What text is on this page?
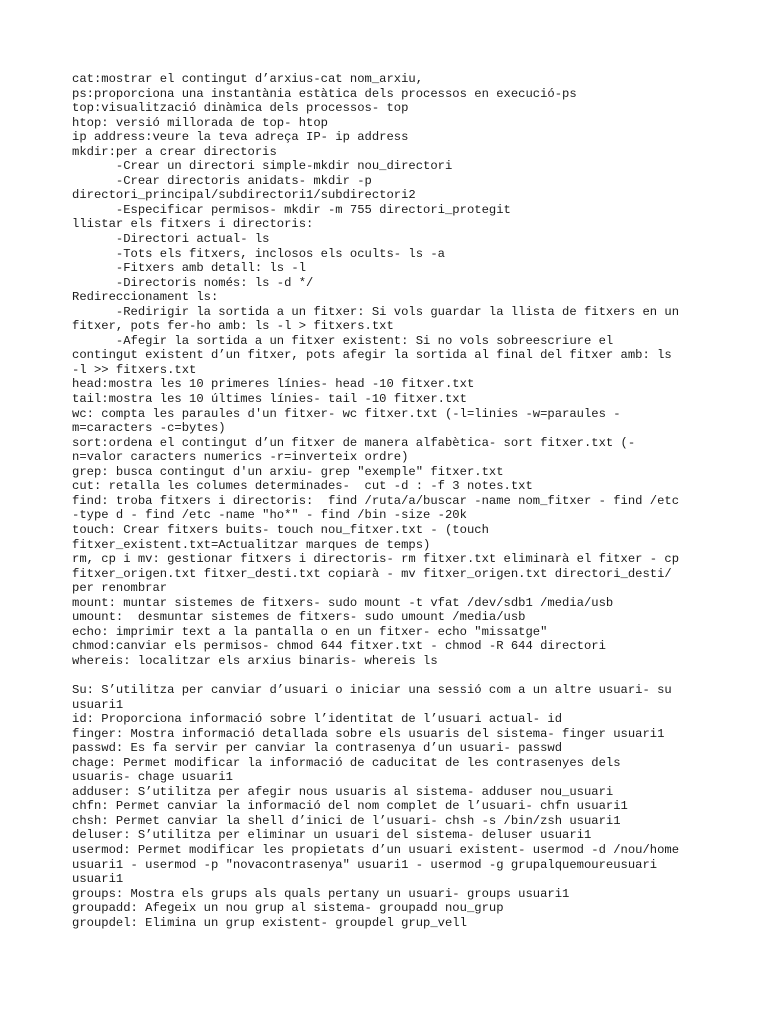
cat:mostrar el contingut d’arxius-cat nom_arxiu,
ps:proporciona una instantània estàtica dels processos en execució-ps
top:visualització dinàmica dels processos- top
htop: versió millorada de top- htop
ip address:veure la teva adreça IP- ip address
mkdir:per a crear directoris
-Crear un directori simple-mkdir nou_directori
-Crear directoris anidats- mkdir -p
directori_principal/subdirectori1/subdirectori2
-Especificar permisos- mkdir -m 755 directori_protegit
llistar els fitxers i directoris:
-Directori actual- ls
-Tots els fitxers, inclosos els ocults- ls -a
-Fitxers amb detall: ls -l
-Directoris només: ls -d */
Redireccionament ls:
-Redirigir la sortida a un fitxer: Si vols guardar la llista de fitxers en un
fitxer, pots fer-ho amb: ls -l > fitxers.txt
-Afegir la sortida a un fitxer existent: Si no vols sobreescriure el
contingut existent d’un fitxer, pots afegir la sortida al final del fitxer amb: ls
-l >> fitxers.txt
head:mostra les 10 primeres línies- head -10 fitxer.txt
tail:mostra les 10 últimes línies- tail -10 fitxer.txt
wc: compta les paraules d'un fitxer- wc fitxer.txt (-l=linies -w=paraules -
m=caracters -c=bytes)
sort:ordena el contingut d’un fitxer de manera alfabètica- sort fitxer.txt (-
n=valor caracters numerics -r=inverteix ordre)
grep: busca contingut d'un arxiu- grep "exemple" fitxer.txt
cut: retalla les columes determinades-  cut -d : -f 3 notes.txt
find: troba fitxers i directoris:  find /ruta/a/buscar -name nom_fitxer - find /etc
-type d - find /etc -name "ho*" - find /bin -size -20k
touch: Crear fitxers buits- touch nou_fitxer.txt - (touch
fitxer_existent.txt=Actualitzar marques de temps)
rm, cp i mv: gestionar fitxers i directoris- rm fitxer.txt eliminarà el fitxer - cp
fitxer_origen.txt fitxer_desti.txt copiarà - mv fitxer_origen.txt directori_desti/
per renombrar
mount: muntar sistemes de fitxers- sudo mount -t vfat /dev/sdb1 /media/usb
umount:  desmuntar sistemes de fitxers- sudo umount /media/usb
echo: imprimir text a la pantalla o en un fitxer- echo "missatge"
chmod:canviar els permisos- chmod 644 fitxer.txt - chmod -R 644 directori
whereis: localitzar els arxius binaris- whereis ls
Su: S’utilitza per canviar d’usuari o iniciar una sessió com a un altre usuari- su
usuari1
id: Proporciona informació sobre l’identitat de l’usuari actual- id
finger: Mostra informació detallada sobre els usuaris del sistema- finger usuari1
passwd: Es fa servir per canviar la contrasenya d’un usuari- passwd
chage: Permet modificar la informació de caducitat de les contrasenyes dels
usuaris- chage usuari1
adduser: S’utilitza per afegir nous usuaris al sistema- adduser nou_usuari
chfn: Permet canviar la informació del nom complet de l’usuari- chfn usuari1
chsh: Permet canviar la shell d’inici de l’usuari- chsh -s /bin/zsh usuari1
deluser: S’utilitza per eliminar un usuari del sistema- deluser usuari1
usermod: Permet modificar les propietats d’un usuari existent- usermod -d /nou/home
usuari1 - usermod -p "novacontrasenya" usuari1 - usermod -g grupalquemoureusuari
usuari1
groups: Mostra els grups als quals pertany un usuari- groups usuari1
groupadd: Afegeix un nou grup al sistema- groupadd nou_grup
groupdel: Elimina un grup existent- groupdel grup_vell
